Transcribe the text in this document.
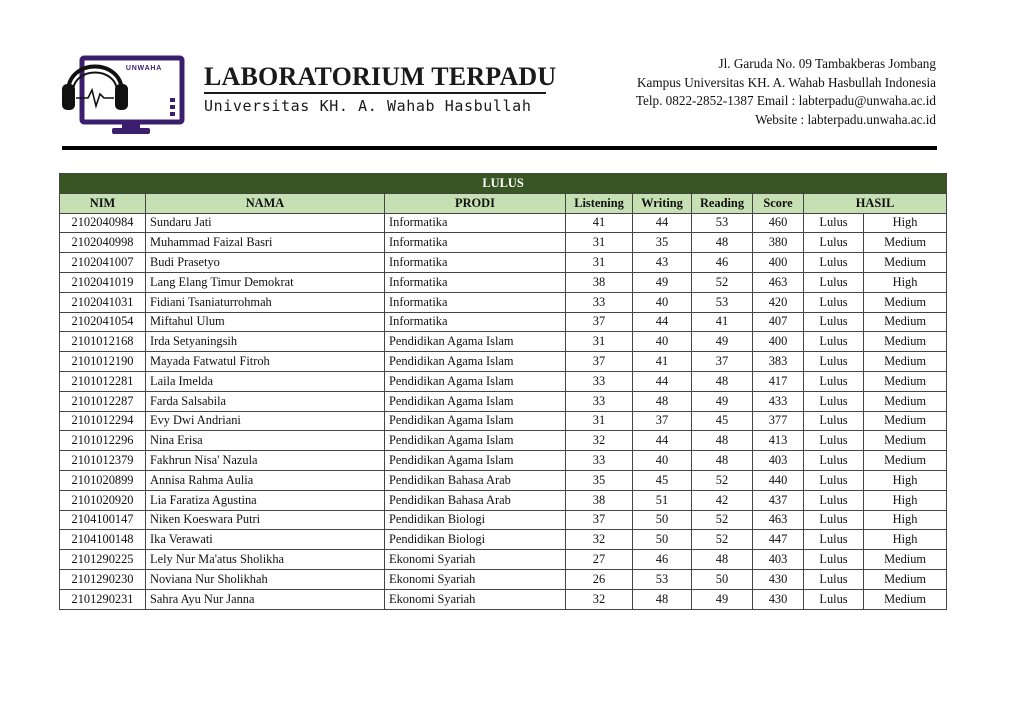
UNWAHA LABORATORIUM TERPADU
Universitas KH. A. Wahab Hasbullah
Jl. Garuda No. 09 Tambakberas Jombang
Kampus Universitas KH. A. Wahab Hasbullah Indonesia
Telp. 0822-2852-1387 Email : labterpadu@unwaha.ac.id
Website : labterpadu.unwaha.ac.id
LULUS								
NIM	NAMA	PRODI	Listening	Writing	Reading	Score	HASIL	
2102040984	Sundaru Jati	Informatika	41	44	53	460	Lulus	High
2102040998	Muhammad Faizal Basri	Informatika	31	35	48	380	Lulus	Medium
2102041007	Budi Prasetyo	Informatika	31	43	46	400	Lulus	Medium
2102041019	Lang Elang Timur Demokrat	Informatika	38	49	52	463	Lulus	High
2102041031	Fidiani Tsaniaturrohmah	Informatika	33	40	53	420	Lulus	Medium
2102041054	Miftahul Ulum	Informatika	37	44	41	407	Lulus	Medium
2101012168	Irda Setyaningsih	Pendidikan Agama Islam	31	40	49	400	Lulus	Medium
2101012190	Mayada Fatwatul Fitroh	Pendidikan Agama Islam	37	41	37	383	Lulus	Medium
2101012281	Laila Imelda	Pendidikan Agama Islam	33	44	48	417	Lulus	Medium
2101012287	Farda Salsabila	Pendidikan Agama Islam	33	48	49	433	Lulus	Medium
2101012294	Evy Dwi Andriani	Pendidikan Agama Islam	31	37	45	377	Lulus	Medium
2101012296	Nina Erisa	Pendidikan Agama Islam	32	44	48	413	Lulus	Medium
2101012379	Fakhrun Nisa' Nazula	Pendidikan Agama Islam	33	40	48	403	Lulus	Medium
2101020899	Annisa Rahma Aulia	Pendidikan Bahasa Arab	35	45	52	440	Lulus	High
2101020920	Lia Faratiza Agustina	Pendidikan Bahasa Arab	38	51	42	437	Lulus	High
2104100147	Niken Koeswara Putri	Pendidikan Biologi	37	50	52	463	Lulus	High
2104100148	Ika Verawati	Pendidikan Biologi	32	50	52	447	Lulus	High
2101290225	Lely Nur Ma'atus Sholikha	Ekonomi Syariah	27	46	48	403	Lulus	Medium
2101290230	Noviana Nur Sholikhah	Ekonomi Syariah	26	53	50	430	Lulus	Medium
2101290231	Sahra Ayu Nur Janna	Ekonomi Syariah	32	48	49	430	Lulus	Medium
